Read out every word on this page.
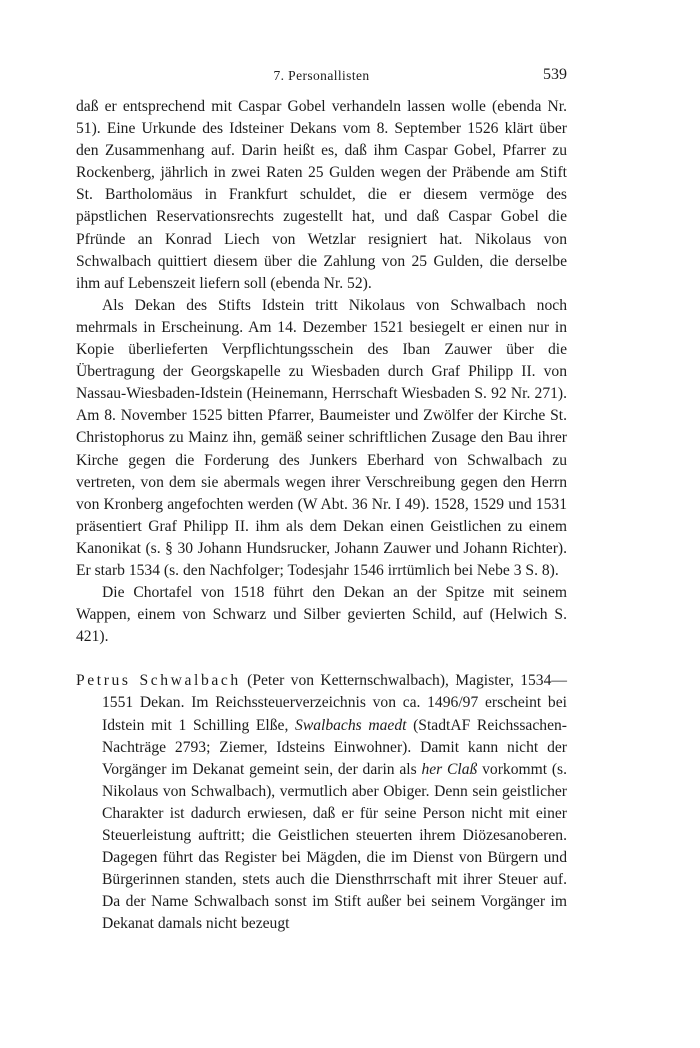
7. Personallisten	539

daß er entsprechend mit Caspar Gobel verhandeln lassen wolle (ebenda Nr. 51). Eine Urkunde des Idsteiner Dekans vom 8. September 1526 klärt über den Zusammenhang auf. Darin heißt es, daß ihm Caspar Gobel, Pfarrer zu Rockenberg, jährlich in zwei Raten 25 Gulden wegen der Präbende am Stift St. Bartholomäus in Frankfurt schuldet, die er diesem vermöge des päpstlichen Reservationsrechts zugestellt hat, und daß Caspar Gobel die Pfründe an Konrad Liech von Wetzlar resigniert hat. Nikolaus von Schwalbach quittiert diesem über die Zahlung von 25 Gulden, die derselbe ihm auf Lebenszeit liefern soll (ebenda Nr. 52).

Als Dekan des Stifts Idstein tritt Nikolaus von Schwalbach noch mehrmals in Erscheinung. Am 14. Dezember 1521 besiegelt er einen nur in Kopie überlieferten Verpflichtungsschein des Iban Zauwer über die Übertragung der Georgskapelle zu Wiesbaden durch Graf Philipp II. von Nassau-Wiesbaden-Idstein (Heinemann, Herrschaft Wiesbaden S. 92 Nr. 271). Am 8. November 1525 bitten Pfarrer, Baumeister und Zwölfer der Kirche St. Christophorus zu Mainz ihn, gemäß seiner schriftlichen Zusage den Bau ihrer Kirche gegen die Forderung des Junkers Eberhard von Schwalbach zu vertreten, von dem sie abermals wegen ihrer Verschreibung gegen den Herrn von Kronberg angefochten werden (W Abt. 36 Nr. I 49). 1528, 1529 und 1531 präsentiert Graf Philipp II. ihm als dem Dekan einen Geistlichen zu einem Kanonikat (s. § 30 Johann Hundsrucker, Johann Zauwer und Johann Richter). Er starb 1534 (s. den Nachfolger; Todesjahr 1546 irrtümlich bei Nebe 3 S. 8).

Die Chortafel von 1518 führt den Dekan an der Spitze mit seinem Wappen, einem von Schwarz und Silber gevierten Schild, auf (Helwich S. 421).

Petrus Schwalbach (Peter von Ketternschwalbach), Magister, 1534—1551 Dekan. Im Reichssteuerverzeichnis von ca. 1496/97 erscheint bei Idstein mit 1 Schilling Elße, Swalbachs maedt (StadtAF Reichssachen-Nachträge 2793; Ziemer, Idsteins Einwohner). Damit kann nicht der Vorgänger im Dekanat gemeint sein, der darin als her Claß vorkommt (s. Nikolaus von Schwalbach), vermutlich aber Obiger. Denn sein geistlicher Charakter ist dadurch erwiesen, daß er für seine Person nicht mit einer Steuerleistung auftritt; die Geistlichen steuerten ihrem Diözesanoberen. Dagegen führt das Register bei Mägden, die im Dienst von Bürgern und Bürgerinnen standen, stets auch die Diensthrrschaft mit ihrer Steuer auf. Da der Name Schwalbach sonst im Stift außer bei seinem Vorgänger im Dekanat damals nicht bezeugt
